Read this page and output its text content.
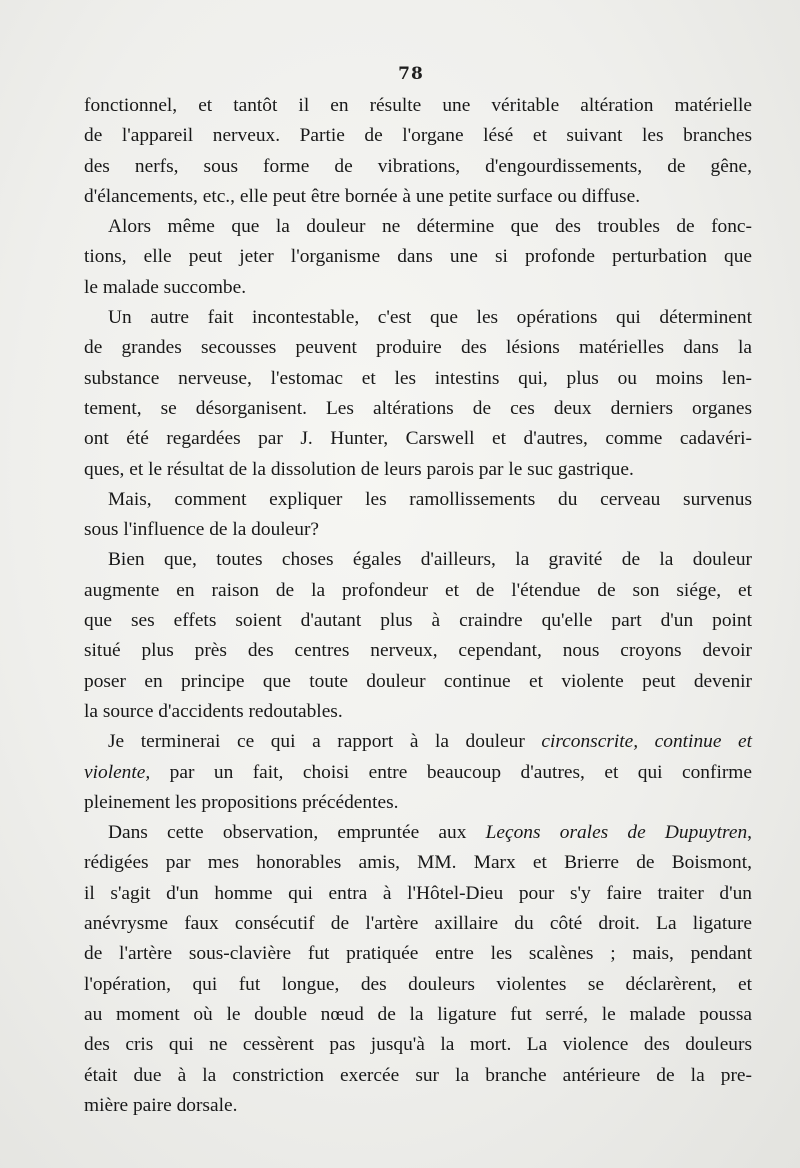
78

fonctionnel, et tantôt il en résulte une véritable altération matérielle
de l'appareil nerveux. Partie de l'organe lésé et suivant les branches
des nerfs, sous forme de vibrations, d'engourdissements, de gêne,
d'élancements, etc., elle peut être bornée à une petite surface ou diffuse.

Alors même que la douleur ne détermine que des troubles de fonc-
tions, elle peut jeter l'organisme dans une si profonde perturbation que
le malade succombe.

Un autre fait incontestable, c'est que les opérations qui déterminent
de grandes secousses peuvent produire des lésions matérielles dans la
substance nerveuse, l'estomac et les intestins qui, plus ou moins len-
tement, se désorganisent. Les altérations de ces deux derniers organes
ont été regardées par J. Hunter, Carswell et d'autres, comme cadavéri-
ques, et le résultat de la dissolution de leurs parois par le suc gastrique.

Mais, comment expliquer les ramollissements du cerveau survenus
sous l'influence de la douleur?

Bien que, toutes choses égales d'ailleurs, la gravité de la douleur
augmente en raison de la profondeur et de l'étendue de son siége, et
que ses effets soient d'autant plus à craindre qu'elle part d'un point
situé plus près des centres nerveux, cependant, nous croyons devoir
poser en principe que toute douleur continue et violente peut devenir
la source d'accidents redoutables.

Je terminerai ce qui a rapport à la douleur circonscrite, continue et
violente, par un fait, choisi entre beaucoup d'autres, et qui confirme
pleinement les propositions précédentes.

Dans cette observation, empruntée aux Leçons orales de Dupuytren,
rédigées par mes honorables amis, MM. Marx et Brierre de Boismont,
il s'agit d'un homme qui entra à l'Hôtel-Dieu pour s'y faire traiter d'un
anévrysme faux consécutif de l'artère axillaire du côté droit. La ligature
de l'artère sous-clavière fut pratiquée entre les scalènes ; mais, pendant
l'opération, qui fut longue, des douleurs violentes se déclarèrent, et
au moment où le double nœud de la ligature fut serré, le malade poussa
des cris qui ne cessèrent pas jusqu'à la mort. La violence des douleurs
était due à la constriction exercée sur la branche antérieure de la pre-
mière paire dorsale.
